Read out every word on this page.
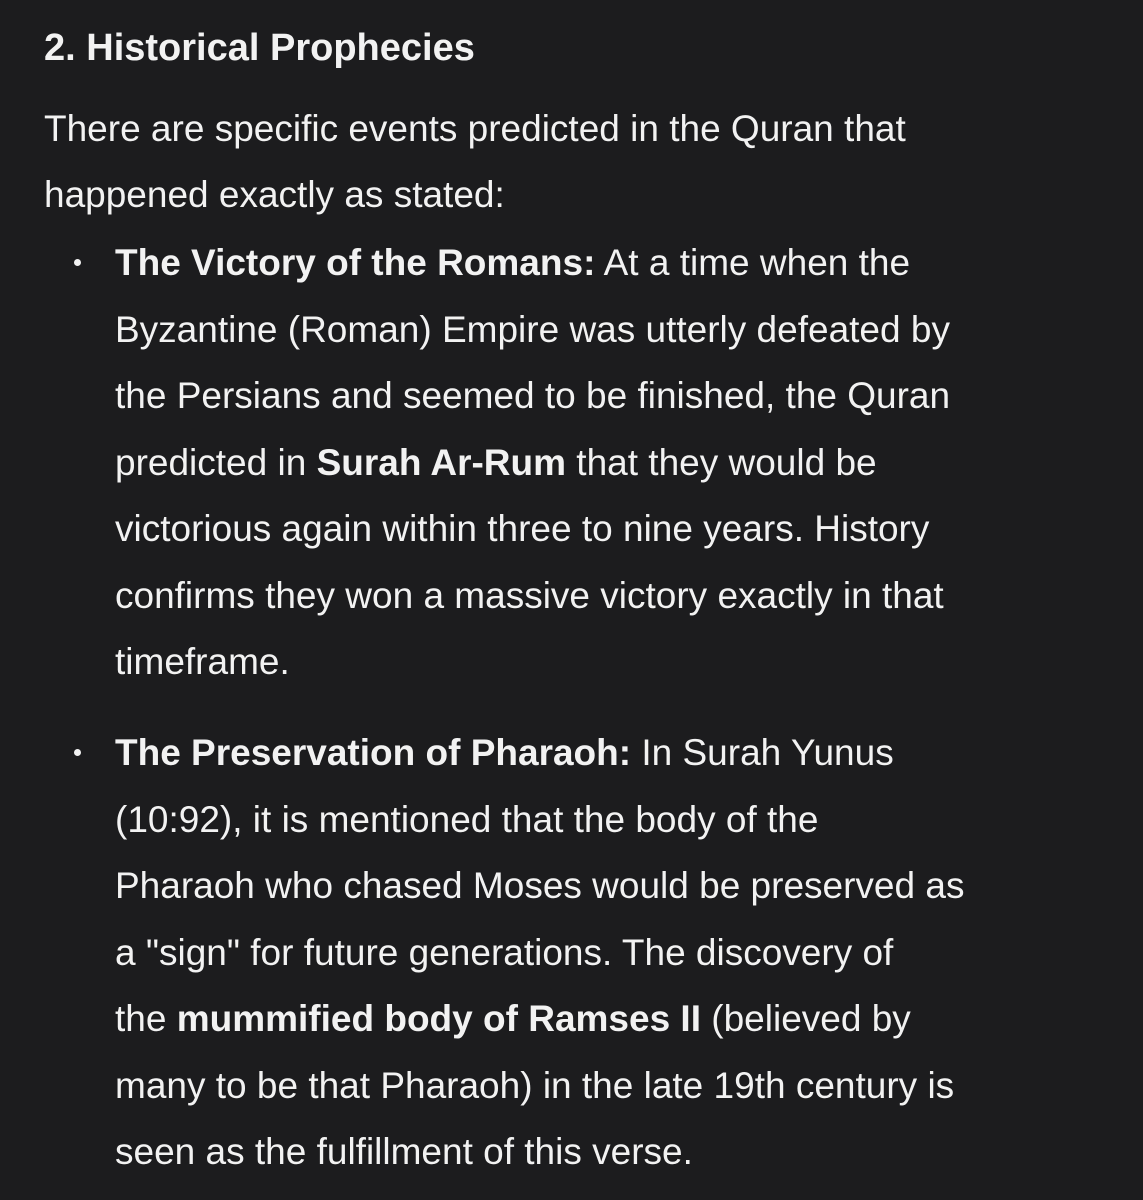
2. Historical Prophecies

There are specific events predicted in the Quran that
happened exactly as stated:

The Victory of the Romans: At a time when the
Byzantine (Roman) Empire was utterly defeated by
the Persians and seemed to be finished, the Quran
predicted in Surah Ar-Rum that they would be
victorious again within three to nine years. History
confirms they won a massive victory exactly in that
timeframe.

The Preservation of Pharaoh: In Surah Yunus
(10:92), it is mentioned that the body of the
Pharaoh who chased Moses would be preserved as
a "sign" for future generations. The discovery of
the mummified body of Ramses II (believed by
many to be that Pharaoh) in the late 19th century is
seen as the fulfillment of this verse.
